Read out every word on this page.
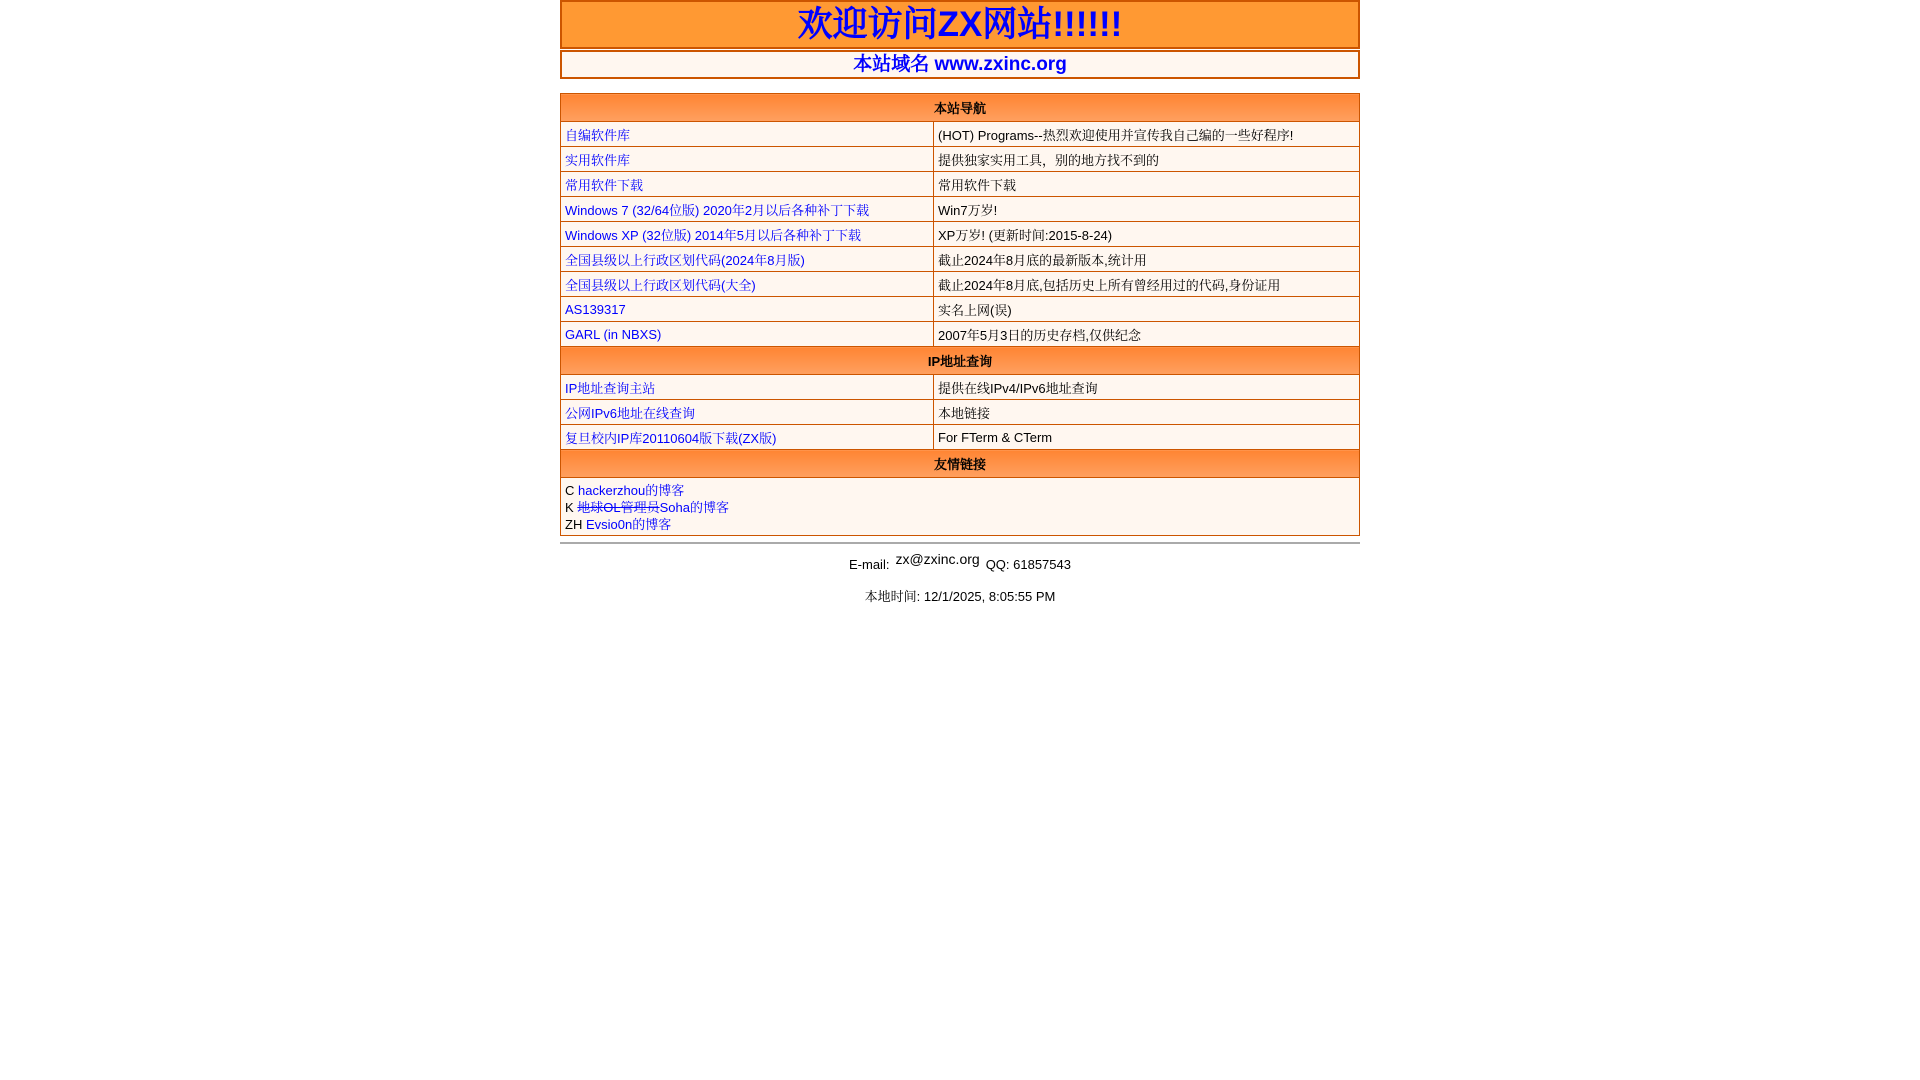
欢迎访问ZX网站!!!!!!
本站域名 www.zxinc.org
本站导航	
自编软件库	(HOT) Programs--热烈欢迎使用并宣传我自己编的一些好程序!
实用软件库	提供独家实用工具，别的地方找不到的
常用软件下载	常用软件下载
Windows 7 (32/64位版) 2020年2月以后各种补丁下载	Win7万岁!
Windows XP (32位版) 2014年5月以后各种补丁下载	XP万岁! (更新时间:2015-8-24)
全国县级以上行政区划代码(2024年8月版)	截止2024年8月底的最新版本,统计用
全国县级以上行政区划代码(大全)	截止2024年8月底,包括历史上所有曾经用过的代码,身份证用
AS139317	实名上网(误)
GARL (in NBXS)	2007年5月3日的历史存档,仅供纪念
IP地址查询	
IP地址查询主站	提供在线IPv4/IPv6地址查询
公网IPv6地址在线查询	本地链接
复旦校内IP库20110604版下载(ZX版)	For FTerm & CTerm
友情链接	

C hackerzhou的博客
K 地球OL管理员Soha的博客
ZH Evsio0n的博客	
E-mail: zx@zxinc.org QQ: 61857543
本地时间: 12/1/2025, 8:05:55 PM
